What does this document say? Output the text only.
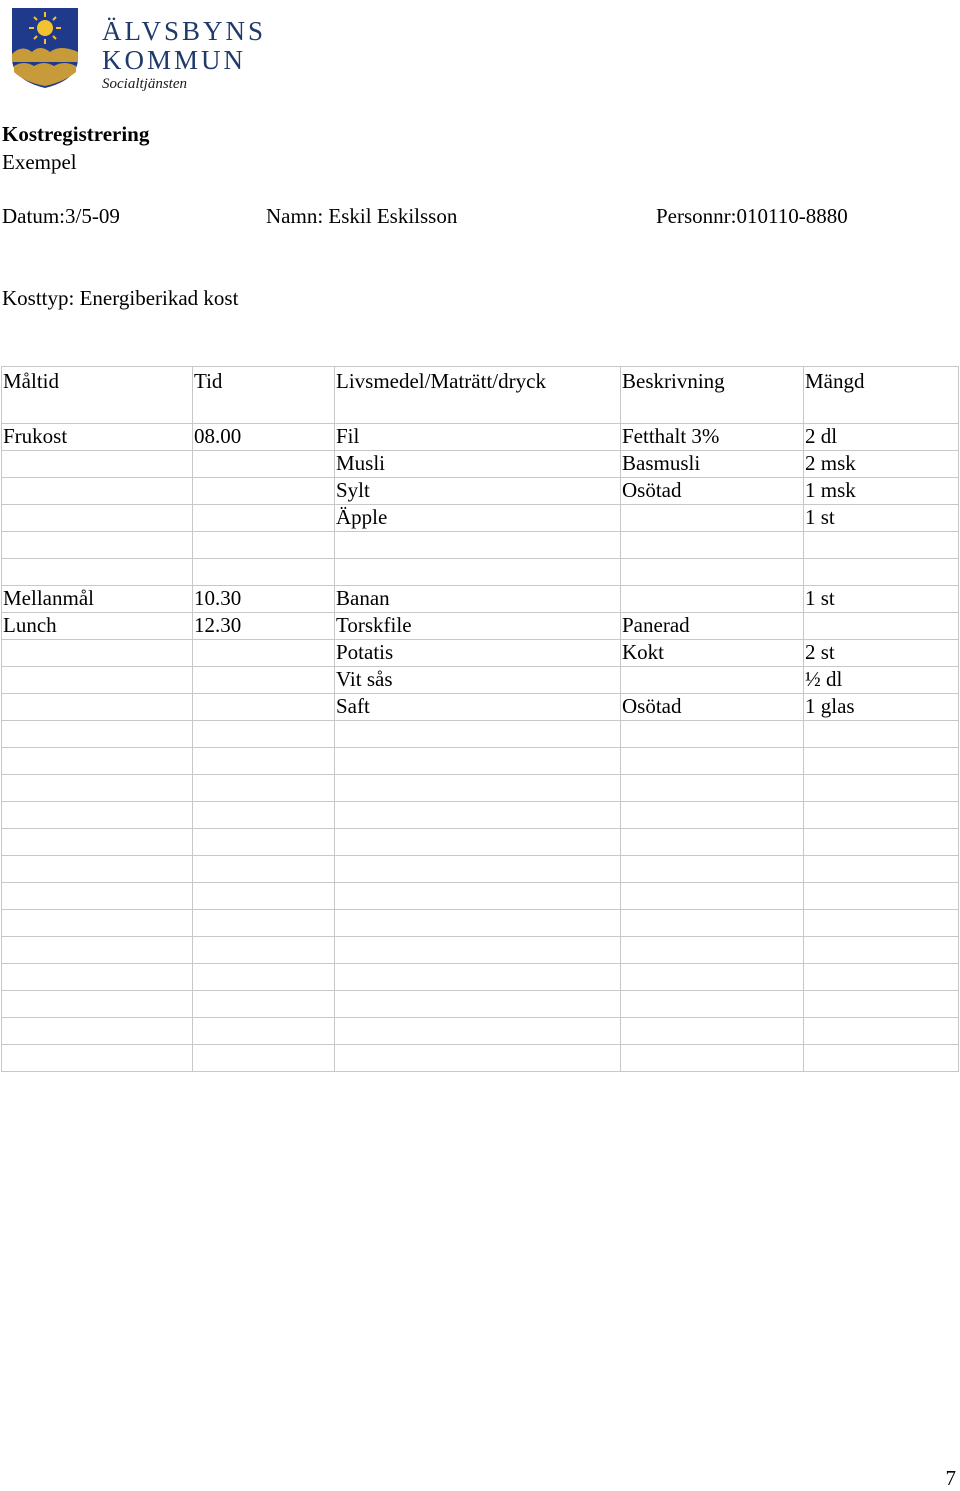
ÄLVSBYNS
KOMMUN
Socialtjänsten
Kostregistrering
Exempel
Datum:3/5-09	Namn: Eskil Eskilsson	Personnr:010110-8880
Kosttyp: Energiberikad kost
Måltid	Tid	Livsmedel/Maträtt/dryck	Beskrivning	Mängd
Frukost	08.00	Fil	Fetthalt 3%	2 dl
		Musli	Basmusli	2 msk
		Sylt	Osötad	1 msk
		Äpple		1 st

Mellanmål	10.30	Banan		1 st
Lunch	12.30	Torskfile	Panerad	
		Potatis	Kokt	2 st
		Vit sås		½ dl
		Saft	Osötad	1 glas

7
